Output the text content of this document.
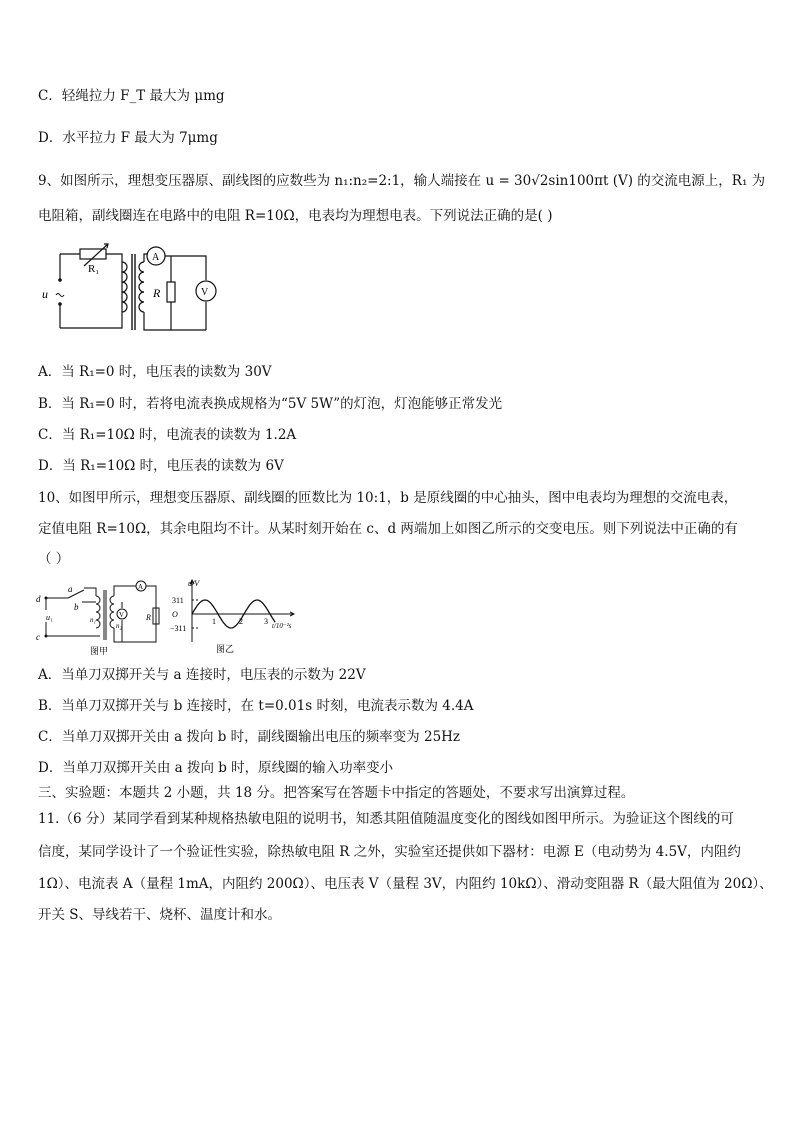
C．轻绳拉力 F_T 最大为 μmg
D．水平拉力 F 最大为 7μmg
9、如图所示，理想变压器原、副线图的应数些为 n₁:n₂=2:1，输人端接在 u = 30√2sin100πt (V) 的交流电源上，R₁ 为
电阻箱，副线圈连在电路中的电阻 R=10Ω，电表均为理想电表。下列说法正确的是( )
R₁
u
A
R	V
A．当 R₁=0 时，电压表的读数为 30V
B．当 R₁=0 时，若将电流表换成规格为“5V 5W”的灯泡，灯泡能够正常发光
C．当 R₁=10Ω 时，电流表的读数为 1.2A
D．当 R₁=10Ω 时，电压表的读数为 6V
10、如图甲所示，理想变压器原、副线圈的匝数比为 10:1，b 是原线圈的中心抽头，图中电表均为理想的交流电表，
定值电阻 R=10Ω，其余电阻均不计。从某时刻开始在 c、d 两端加上如图乙所示的交变电压。则下列说法中正确的有
（ ）
d
c
a
b
u₁	n₁
n₂
R
A
V
图甲
u/V
311
O
−311
1	2	3 t/10⁻²s
图乙
A．当单刀双掷开关与 a 连接时，电压表的示数为 22V
B．当单刀双掷开关与 b 连接时，在 t=0.01s 时刻，电流表示数为 4.4A
C．当单刀双掷开关由 a 拨向 b 时，副线圈输出电压的频率变为 25Hz
D．当单刀双掷开关由 a 拨向 b 时，原线圈的输入功率变小
三、实验题：本题共 2 小题，共 18 分。把答案写在答题卡中指定的答题处，不要求写出演算过程。
11.（6 分）某同学看到某种规格热敏电阻的说明书，知悉其阻值随温度变化的图线如图甲所示。为验证这个图线的可
信度，某同学设计了一个验证性实验，除热敏电阻 R 之外，实验室还提供如下器材：电源 E（电动势为 4.5V，内阻约
1Ω）、电流表 A（量程 1mA，内阻约 200Ω）、电压表 V（量程 3V，内阻约 10kΩ）、滑动变阻器 R（最大阻值为 20Ω）、
开关 S、导线若干、烧杯、温度计和水。
